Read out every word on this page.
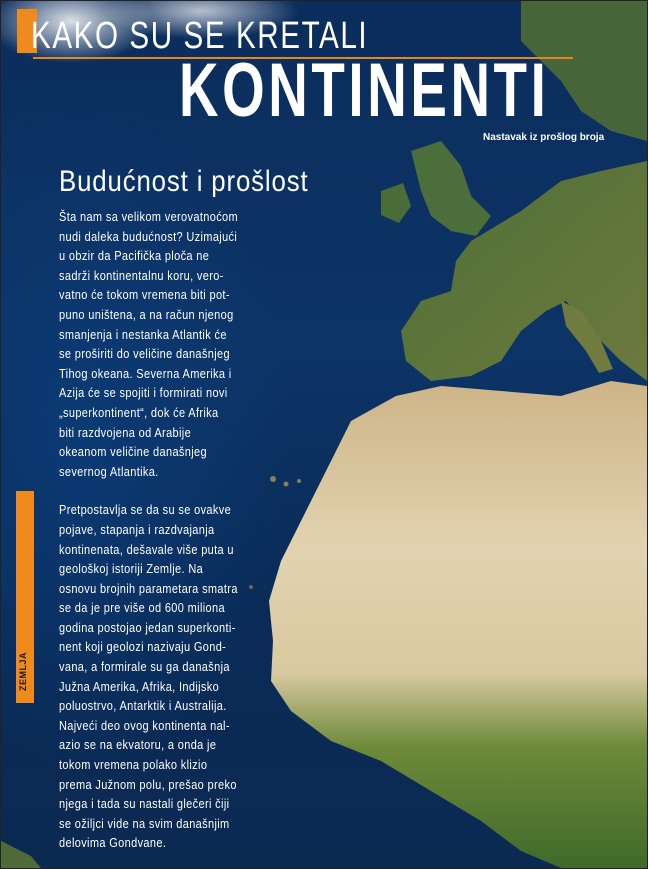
KAKO SU SE KRETALI
KONTINENTI
Nastavak iz prošlog broja
Budućnost i prošlost

Šta nam sa velikom verovatnoćom
nudi daleka budućnost? Uzimajući
u obzir da Pacifička ploča ne
sadrži kontinentalnu koru, vero-
vatno će tokom vremena biti pot-
puno uništena, a na račun njenog
smanjenja i nestanka Atlantik će
se proširiti do veličine današnjeg
Tihog okeana. Severna Amerika i
Azija će se spojiti i formirati novi
„superkontinent“, dok će Afrika
biti razdvojena od Arabije
okeanom veličine današnjeg
severnog Atlantika.

Pretpostavlja se da su se ovakve
pojave, stapanja i razdvajanja
kontinenata, dešavale više puta u
geološkoj istoriji Zemlje. Na
osnovu brojnih parametara smatra
se da je pre više od 600 miliona
godina postojao jedan superkonti-
nent koji geolozi nazivaju Gond-
vana, a formirale su ga današnja
Južna Amerika, Afrika, Indijsko
poluostrvo, Antarktik i Australija.
Najveći deo ovog kontinenta nal-
azio se na ekvatoru, a onda je
tokom vremena polako klizio
prema Južnom polu, prešao preko
njega i tada su nastali glečeri čiji
se ožiljci vide na svim današnjim
delovima Gondvane.

ZEMLJA
